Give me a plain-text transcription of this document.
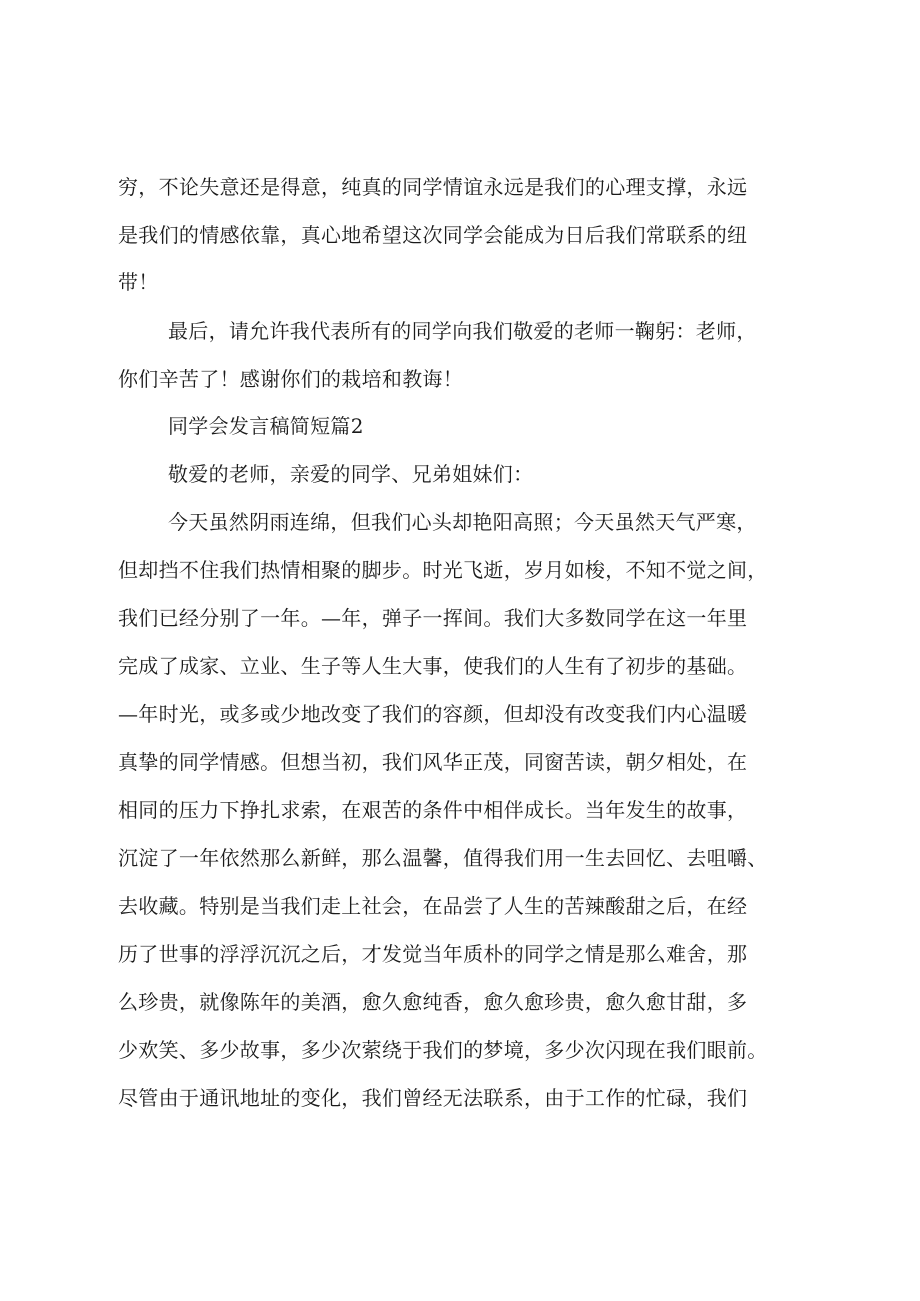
穷，不论失意还是得意，纯真的同学情谊永远是我们的心理支撑，永远
是我们的情感依靠，真心地希望这次同学会能成为日后我们常联系的纽
带！
最后，请允许我代表所有的同学向我们敬爱的老师一鞠躬：老师，
你们辛苦了！感谢你们的栽培和教诲！
同学会发言稿简短篇2
敬爱的老师，亲爱的同学、兄弟姐妹们：
今天虽然阴雨连绵，但我们心头却艳阳高照；今天虽然天气严寒，
但却挡不住我们热情相聚的脚步。时光飞逝，岁月如梭，不知不觉之间，
我们已经分别了一年。—年，弹子一挥间。我们大多数同学在这一年里
完成了成家、立业、生子等人生大事，使我们的人生有了初步的基础。
—年时光，或多或少地改变了我们的容颜，但却没有改变我们内心温暖
真挚的同学情感。但想当初，我们风华正茂，同窗苦读，朝夕相处，在
相同的压力下挣扎求索，在艰苦的条件中相伴成长。当年发生的故事，
沉淀了一年依然那么新鲜，那么温馨，值得我们用一生去回忆、去咀嚼、
去收藏。特别是当我们走上社会，在品尝了人生的苦辣酸甜之后，在经
历了世事的浮浮沉沉之后，才发觉当年质朴的同学之情是那么难舍，那
么珍贵，就像陈年的美酒，愈久愈纯香，愈久愈珍贵，愈久愈甘甜，多
少欢笑、多少故事，多少次萦绕于我们的梦境，多少次闪现在我们眼前。
尽管由于通讯地址的变化，我们曾经无法联系，由于工作的忙碌，我们
